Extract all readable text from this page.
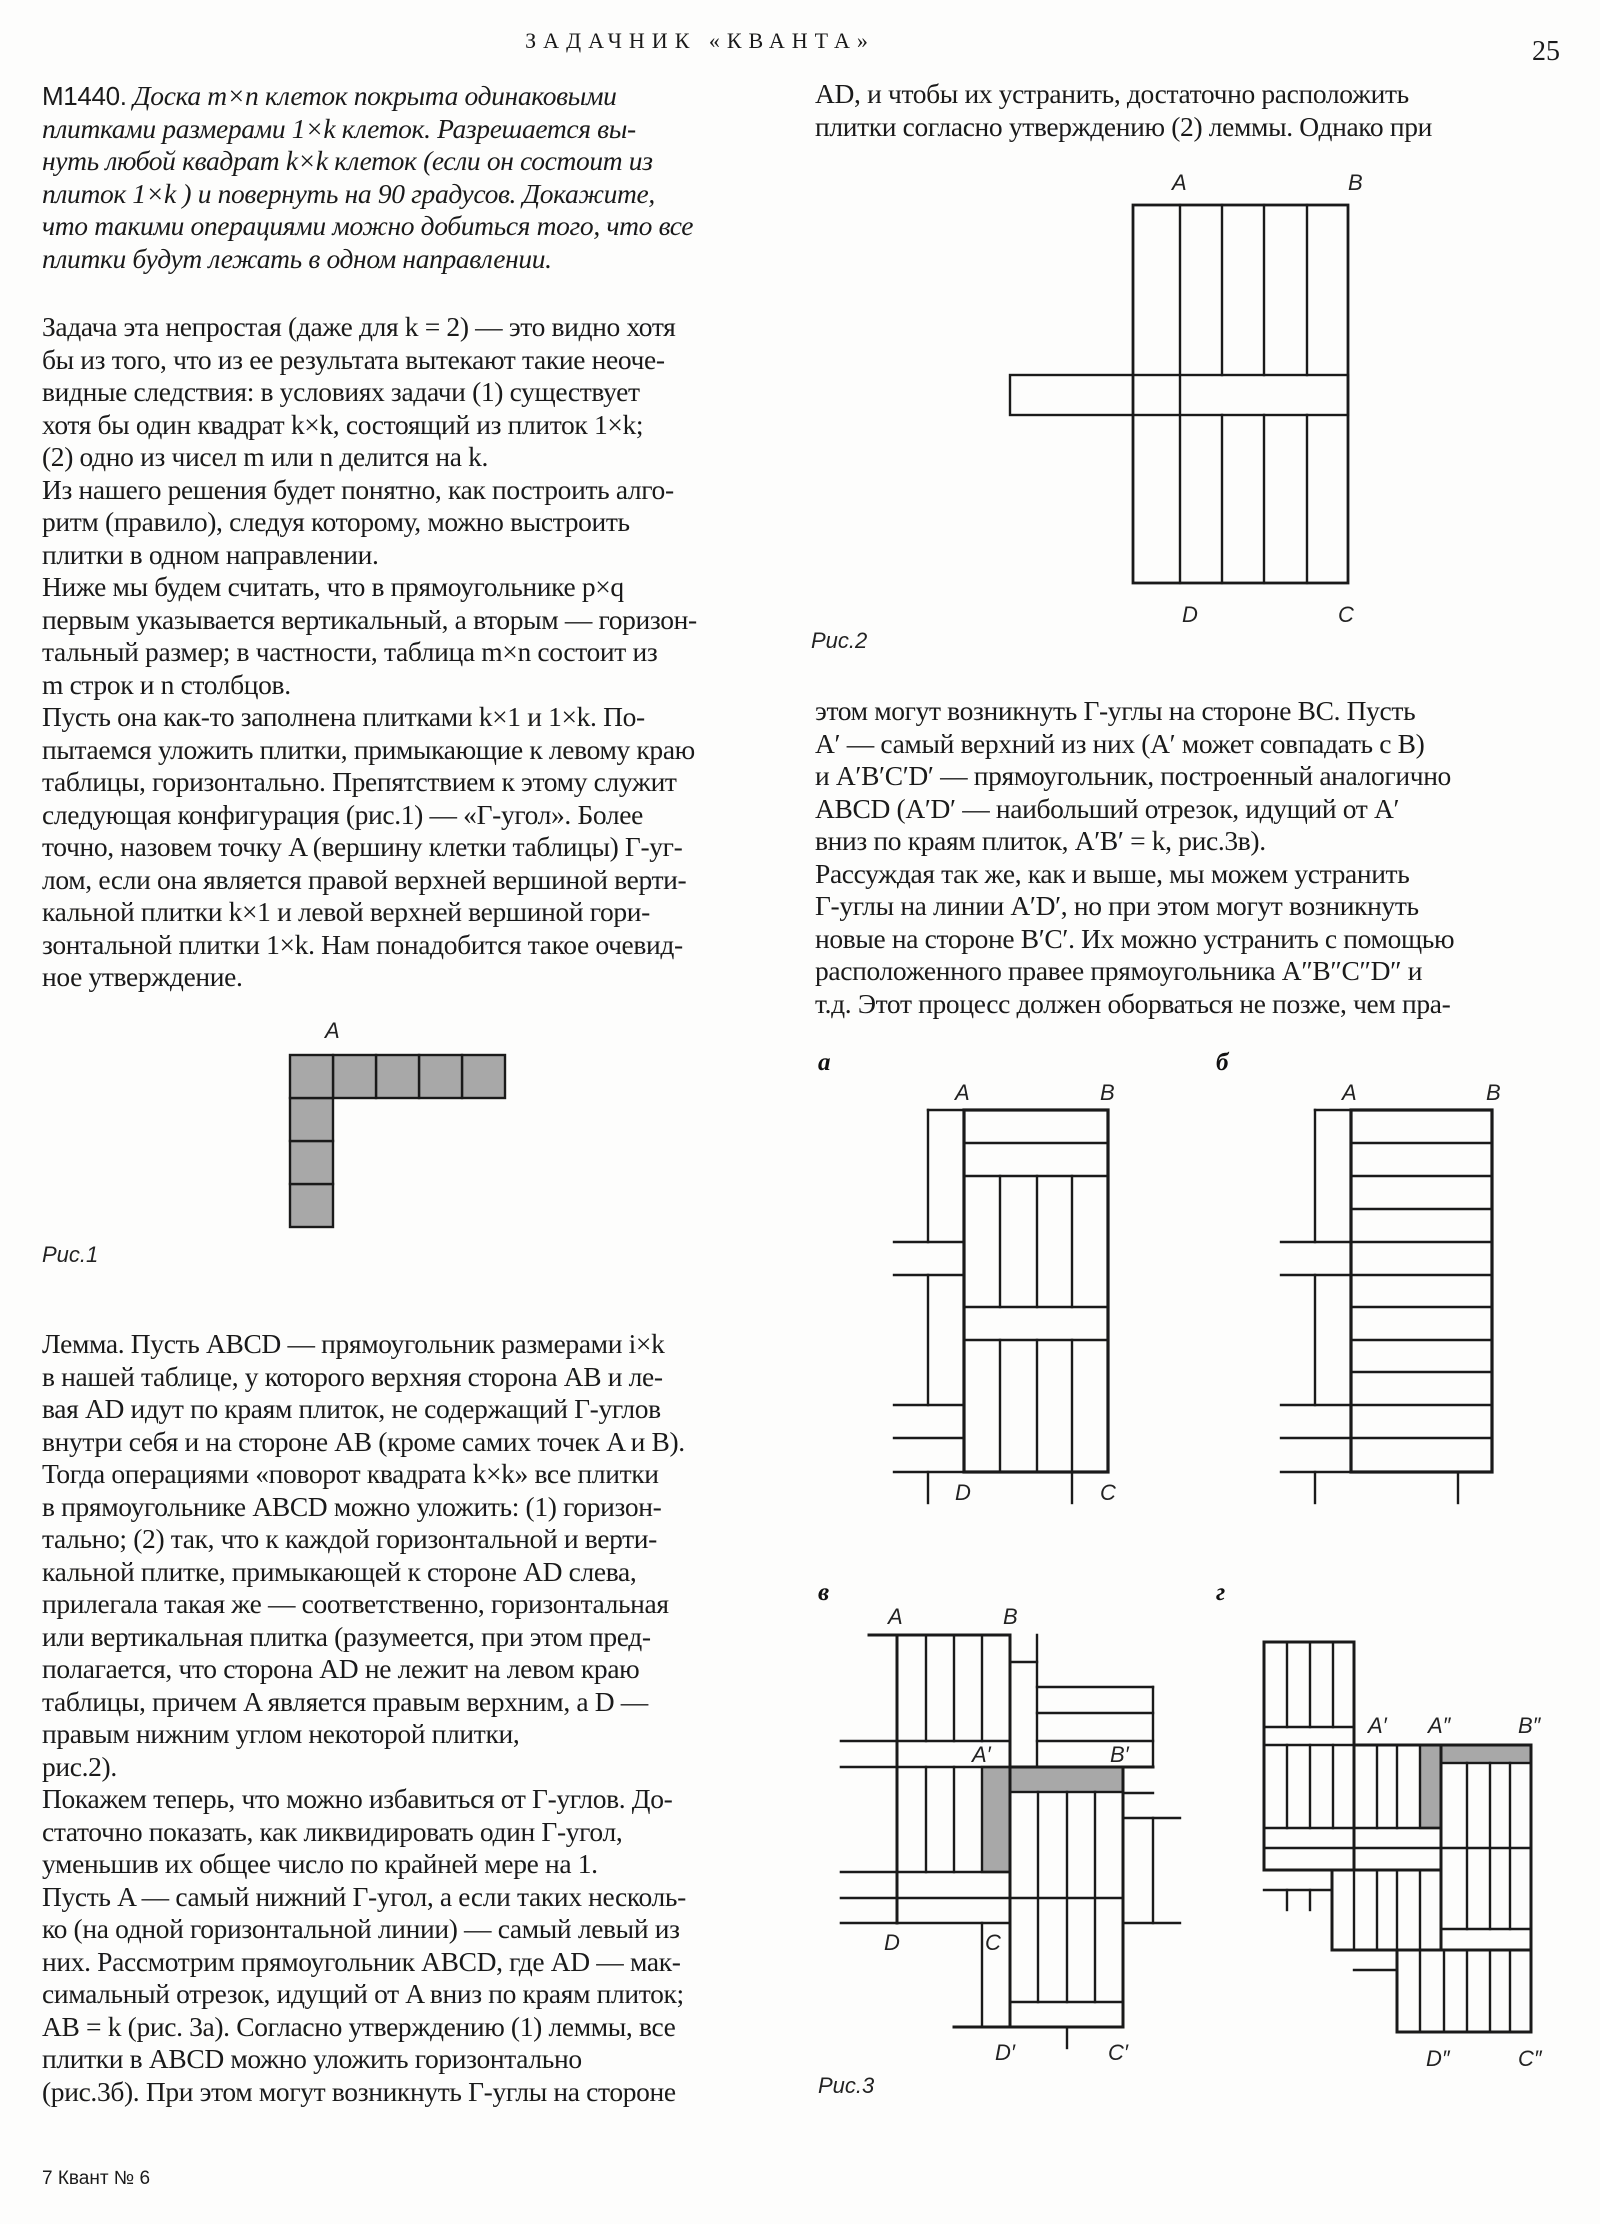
ЗАДАЧНИК «КВАНТА»	25
M1440. Доска m×n клеток покрыта одинаковыми
плитками размерами 1×k клеток. Разрешается вы-
нуть любой квадрат k×k клеток (если он состоит из
плиток 1×k ) и повернуть на 90 градусов. Докажите,
что такими операциями можно добиться того, что все
плитки будут лежать в одном направлении.
Задача эта непростая (даже для k = 2) — это видно хотя
бы из того, что из ее результата вытекают такие неоче-
видные следствия: в условиях задачи (1) существует
хотя бы один квадрат k×k, состоящий из плиток 1×k;
(2) одно из чисел m или n делится на k.
Из нашего решения будет понятно, как построить алго-
ритм (правило), следуя которому, можно выстроить
плитки в одном направлении.
Ниже мы будем считать, что в прямоугольнике p×q
первым указывается вертикальный, а вторым — горизон-
тальный размер; в частности, таблица m×n состоит из
m строк и n столбцов.
Пусть она как-то заполнена плитками k×1 и 1×k. По-
пытаемся уложить плитки, примыкающие к левому краю
таблицы, горизонтально. Препятствием к этому служит
следующая конфигурация (рис.1) — «Г-угол». Более
точно, назовем точку A (вершину клетки таблицы) Г-уг-
лом, если она является правой верхней вершиной верти-
кальной плитки k×1 и левой верхней вершиной гори-
зонтальной плитки 1×k. Нам понадобится такое очевид-
ное утверждение.
Лемма. Пусть ABCD — прямоугольник размерами i×k
в нашей таблице, у которого верхняя сторона AB и ле-
вая AD идут по краям плиток, не содержащий Г-углов
внутри себя и на стороне AB (кроме самих точек A и B).
Тогда операциями «поворот квадрата k×k» все плитки
в прямоугольнике ABCD можно уложить: (1) горизон-
тально; (2) так, что к каждой горизонтальной и верти-
кальной плитке, примыкающей к стороне AD слева,
прилегала такая же — соответственно, горизонтальная
или вертикальная плитка (разумеется, при этом пред-
полагается, что сторона AD не лежит на левом краю
таблицы, причем A является правым верхним, а D —
правым нижним углом некоторой плитки,
рис.2).
Покажем теперь, что можно избавиться от Г-углов. До-
статочно показать, как ликвидировать один Г-угол,
уменьшив их общее число по крайней мере на 1.
Пусть A — самый нижний Г-угол, а если таких несколь-
ко (на одной горизонтальной линии) — самый левый из
них. Рассмотрим прямоугольник ABCD, где AD — мак-
симальный отрезок, идущий от A вниз по краям плиток;
AB = k (рис. 3а). Согласно утверждению (1) леммы, все
плитки в ABCD можно уложить горизонтально
(рис.3б). При этом могут возникнуть Г-углы на стороне
AD, и чтобы их устранить, достаточно расположить
плитки согласно утверждению (2) леммы. Однако при
этом могут возникнуть Г-углы на стороне BC. Пусть
A′ — самый верхний из них (A′ может совпадать с B)
и A′B′C′D′ — прямоугольник, построенный аналогично
ABCD (A′D′ — наибольший отрезок, идущий от A′
вниз по краям плиток, A′B′ = k, рис.3в).
Рассуждая так же, как и выше, мы можем устранить
Г-углы на линии A′D′, но при этом могут возникнуть
новые на стороне B′C′. Их можно устранить с помощью
расположенного правее прямоугольника A″B″C″D″ и
т.д. Этот процесс должен оборваться не позже, чем пра-
A
Рис.1
A	B
D	C
Рис.2
а
A	B
D	C
б
A	B
в
A	B
A′	B′
D	C
D′	C′
Рис.3
г
A′ A″	B″
D″	C″
7 Квант № 6
